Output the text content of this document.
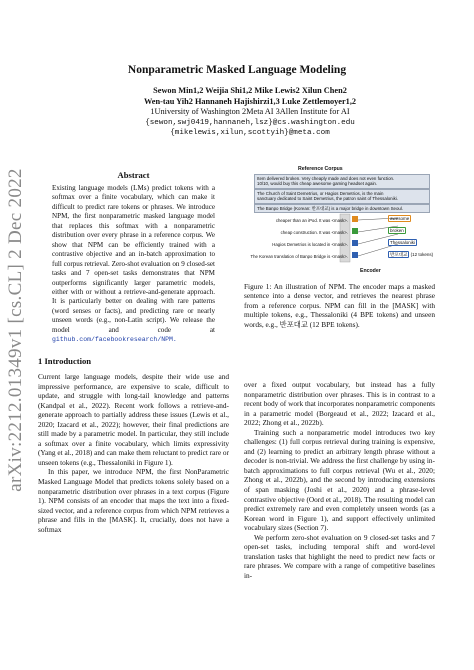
arXiv:2212.01349v1 [cs.CL] 2 Dec 2022
Nonparametric Masked Language Modeling
Sewon Min1,2 Weijia Shi1,2 Mike Lewis2 Xilun Chen2
Wen-tau Yih2 Hannaneh Hajishirzi1,3 Luke Zettlemoyer1,2
1University of Washington 2Meta AI 3Allen Institute for AI
{sewon,swj0419,hannaneh,lsz}@cs.washington.edu
{mikelewis,xilun,scottyih}@meta.com
Abstract
Existing language models (LMs) predict tokens with a softmax over a finite vocabulary, which can make it difficult to predict rare tokens or phrases. We introduce NPM, the first nonparametric masked language model that replaces this softmax with a nonparametric distribution over every phrase in a reference corpus. We show that NPM can be efficiently trained with a contrastive objective and an in-batch approximation to full corpus retrieval. Zero-shot evaluation on 9 closed-set tasks and 7 open-set tasks demonstrates that NPM outperforms significantly larger parametric models, either with or without a retrieve-and-generate approach. It is particularly better on dealing with rare patterns (word senses or facts), and predicting rare or nearly unseen words (e.g., non-Latin script). We release the model and code at github.com/facebookresearch/NPM.
1 Introduction

Current large language models, despite their wide use and impressive performance, are expensive to scale, difficult to update, and struggle with long-tail knowledge and patterns (Kandpal et al., 2022). Recent work follows a retrieve-and-generate approach to partially address these issues (Lewis et al., 2020; Izacard et al., 2022); however, their final predictions are still made by a parametric model. In particular, they still include a softmax over a finite vocabulary, which limits expressivity (Yang et al., 2018) and can make them reluctant to predict rare or unseen tokens (e.g., Thessaloniki in Figure 1).

In this paper, we introduce NPM, the first NonParametric Masked Language Model that predicts tokens solely based on a nonparametric distribution over phrases in a text corpus (Figure 1). NPM consists of an encoder that maps the text into a fixed-sized vector, and a reference corpus from which NPM retrieves a phrase and fills in the [MASK]. It, crucially, does not have a softmax

Reference Corpus
Item delivered broken. Very cheaply made and does not even function.
10/10, would buy this cheap awesome gaming headset again.
The Church of Saint Demetrius, or Hagios Demetrios, is the main
sanctuary dedicated to Saint Demetrius, the patron saint of Thessaloniki.
The Banpo Bridge (Korean: 반포대교) is a major bridge in downtown Seoul.
cheaper than an iPod. It was <mask>.
cheap construction. It was <mask>.
Hagios Demetrios is located in <mask>.
The Korean translation of Banpo Bridge is <mask>.
Encoder
awesome
broken
Thessaloniki
반포대교 (12 tokens)
Figure 1: An illustration of NPM. The encoder maps a masked sentence into a dense vector, and retrieves the nearest phrase from a reference corpus. NPM can fill in the [MASK] with multiple tokens, e.g., Thessaloniki (4 BPE tokens) and unseen words, e.g., 반포대교 (12 BPE tokens).

over a fixed output vocabulary, but instead has a fully nonparametric distribution over phrases. This is in contrast to a recent body of work that incorporates nonparametric components in a parametric model (Borgeaud et al., 2022; Izacard et al., 2022; Zhong et al., 2022b).

Training such a nonparametric model introduces two key challenges: (1) full corpus retrieval during training is expensive, and (2) learning to predict an arbitrary length phrase without a decoder is non-trivial. We address the first challenge by using in-batch approximations to full corpus retrieval (Wu et al., 2020; Zhong et al., 2022b), and the second by introducing extensions of span masking (Joshi et al., 2020) and a phrase-level contrastive objective (Oord et al., 2018). The resulting model can predict extremely rare and even completely unseen words (as a Korean word in Figure 1), and support effectively unlimited vocabulary sizes (Section 7).

We perform zero-shot evaluation on 9 closed-set tasks and 7 open-set tasks, including temporal shift and word-level translation tasks that highlight the need to predict new facts or rare phrases. We compare with a range of competitive baselines in-
